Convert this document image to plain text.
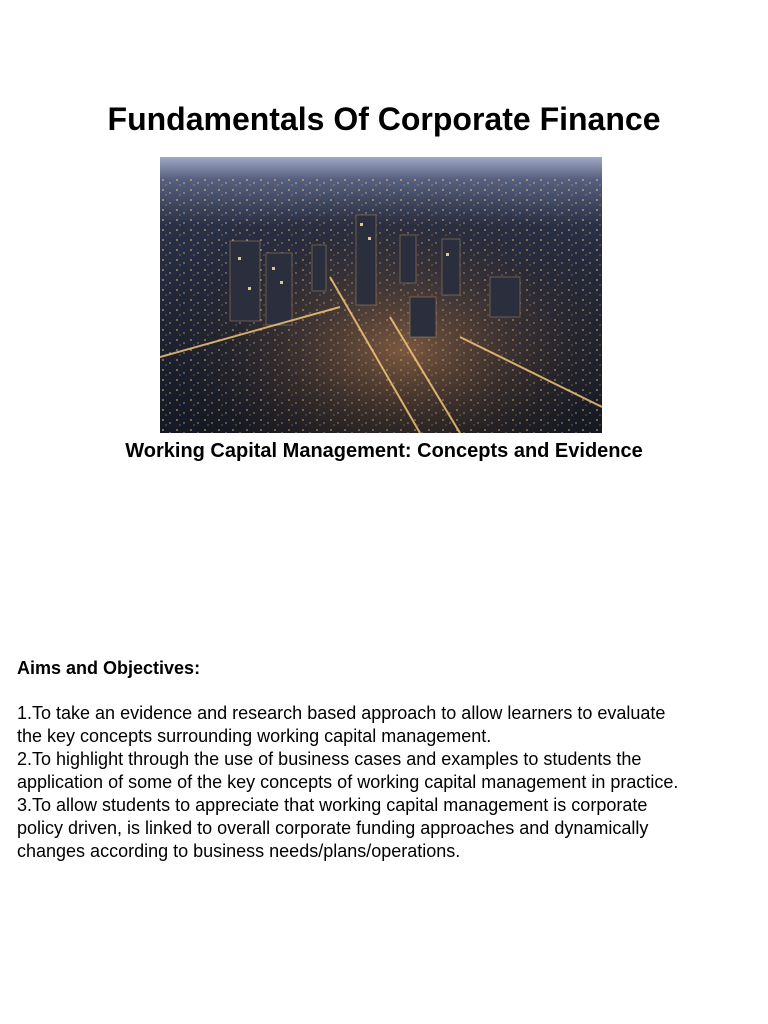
Fundamentals Of Corporate Finance
Working Capital Management: Concepts and Evidence
Aims and Objectives:
1.To take an evidence and research based approach to allow learners to evaluate
the key concepts surrounding working capital management.
2.To highlight through the use of business cases and examples to students the
application of some of the key concepts of working capital management in practice.
3.To allow students to appreciate that working capital management is corporate
policy driven, is linked to overall corporate funding approaches and dynamically
changes according to business needs/plans/operations.
